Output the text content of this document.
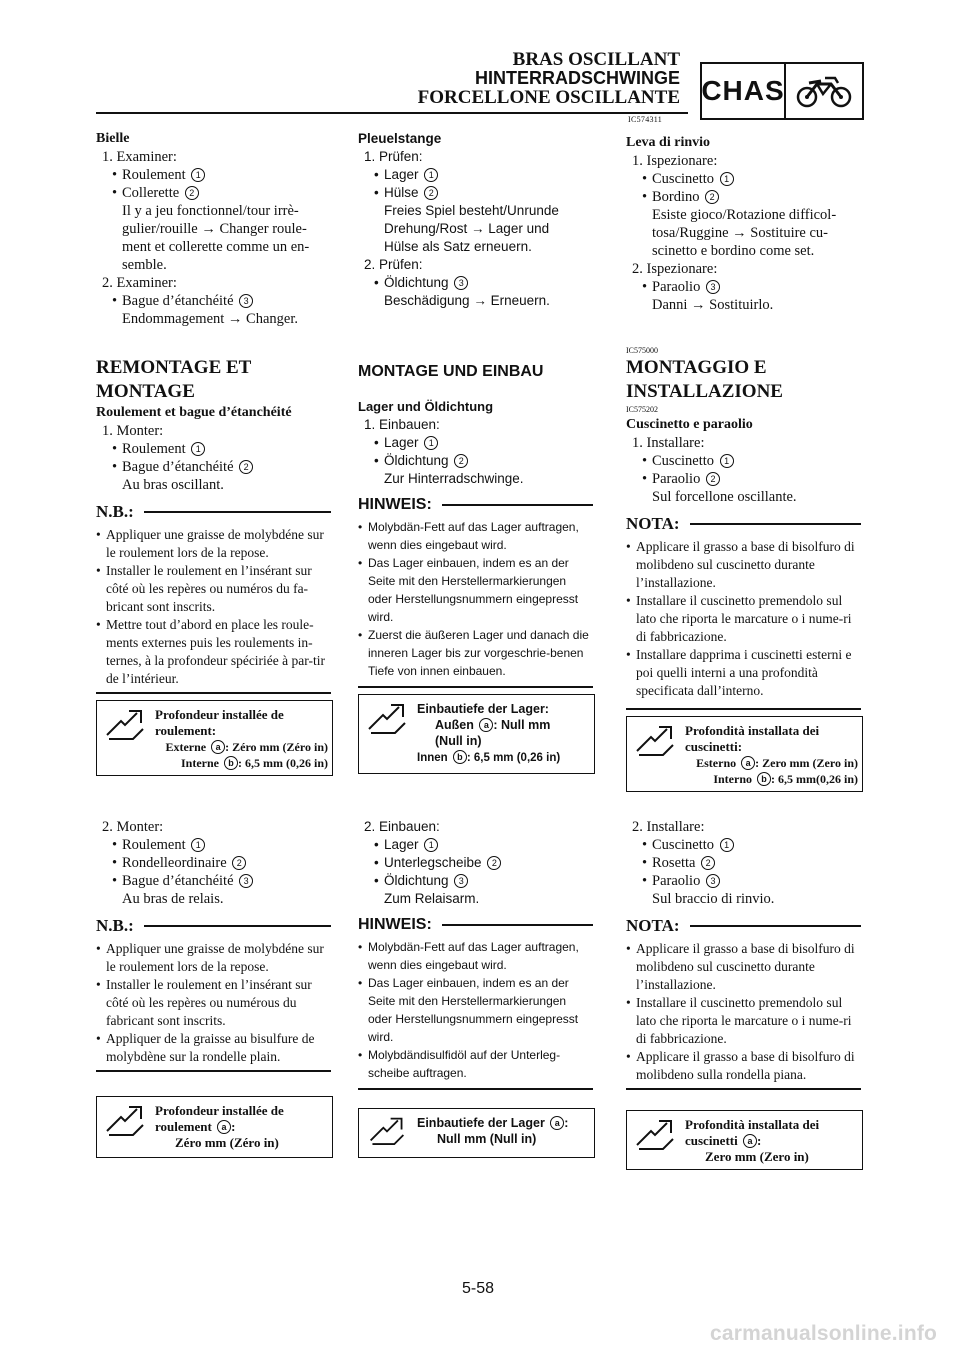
BRAS OSCILLANT
HINTERRADSCHWINGE
FORCELLONE OSCILLANTE CHAS
IC574311
Bielle
1. Examiner:
• Roulement 1
• Collerette 2
Il y a jeu fonctionnel/tour irrè-
gulier/rouille → Changer roule-
ment et collerette comme un en-
semble.
2. Examiner:
• Bague d’étanchéité 3
Endommagement → Changer.
REMONTAGE ET
MONTAGE
Roulement et bague d’étanchéité
1. Monter:
• Roulement 1
• Bague d’étanchéité 2
Au bras oscillant.
N.B.:
• Appliquer une graisse de molybdéne sur le roulement lors de la repose.
• Installer le roulement en l’insérant sur côté où les repères ou numéros du fa-bricant sont inscrits.
• Mettre tout d’abord en place les roule-ments externes puis les roulements in-ternes, à la profondeur spéciriée à par-tir de l’intérieur.
Profondeur installée de roulement:
Externe a : Zéro mm (Zéro in)
Interne b : 6,5 mm (0,26 in)
2. Monter:
• Roulement 1
• Rondelleordinaire 2
• Bague d’étanchéité 3
Au bras de relais.
N.B.:
• Appliquer une graisse de molybdéne sur le roulement lors de la repose.
• Installer le roulement en l’insérant sur côté où les repères ou numérous du fabricant sont inscrits.
• Appliquer de la graisse au bisulfure de molybdène sur la rondelle plain.
Profondeur installée de roulement a :
Zéro mm (Zéro in)
Pleuelstange
1. Prüfen:
• Lager 1
• Hülse 2
Freies Spiel besteht/Unrunde
Drehung/Rost → Lager und
Hülse als Satz erneuern.
2. Prüfen:
• Öldichtung 3
Beschädigung → Erneuern.
MONTAGE UND EINBAU
Lager und Öldichtung
1. Einbauen:
• Lager 1
• Öldichtung 2
Zur Hinterradschwinge.
HINWEIS:
• Molybdän-Fett auf das Lager auftragen, wenn dies eingebaut wird.
• Das Lager einbauen, indem es an der Seite mit den Herstellermarkierungen oder Herstellungsnummern eingepresst wird.
• Zuerst die äußeren Lager und danach die inneren Lager bis zur vorgeschrie-benen Tiefe von innen einbauen.
Einbautiefe der Lager:
Außen a : Null mm
(Null in)
Innen b : 6,5 mm (0,26 in)
2. Einbauen:
• Lager 1
• Unterlegscheibe 2
• Öldichtung 3
Zum Relaisarm.
HINWEIS:
• Molybdän-Fett auf das Lager auftragen, wenn dies eingebaut wird.
• Das Lager einbauen, indem es an der Seite mit den Herstellermarkierungen oder Herstellungsnummern eingepresst wird.
• Molybdändisulfidöl auf der Unterleg-scheibe auftragen.
Einbautiefe der Lager a :
Null mm (Null in)
Leva di rinvio
1. Ispezionare:
• Cuscinetto 1
• Bordino 2
Esiste gioco/Rotazione difficol-
tosa/Ruggine → Sostituire cu-
scinetto e bordino come set.
2. Ispezionare:
• Paraolio 3
Danni → Sostituirlo.
IC575000
MONTAGGIO E
INSTALLAZIONE
IC575202
Cuscinetto e paraolio
1. Installare:
• Cuscinetto 1
• Paraolio 2
Sul forcellone oscillante.
NOTA:
• Applicare il grasso a base di bisolfuro di molibdeno sul cuscinetto durante l’installazione.
• Installare il cuscinetto premendolo sul lato che riporta le marcature o i nume-ri di fabbricazione.
• Installare dapprima i cuscinetti esterni e poi quelli interni a una profondità specificata dall’interno.
Profondità installata dei cuscinetti:
Esterno a : Zero mm (Zero in)
Interno b : 6,5 mm(0,26 in)
2. Installare:
• Cuscinetto 1
• Rosetta 2
• Paraolio 3
Sul braccio di rinvio.
NOTA:
• Applicare il grasso a base di bisolfuro di molibdeno sul cuscinetto durante l’installazione.
• Installare il cuscinetto premendolo sul lato che riporta le marcature o i nume-ri di fabbricazione.
• Applicare il grasso a base di bisolfuro di molibdeno sulla rondella piana.
Profondità installata dei cuscinetti a :
Zero mm (Zero in)
5-58
carmanualsonline.info
